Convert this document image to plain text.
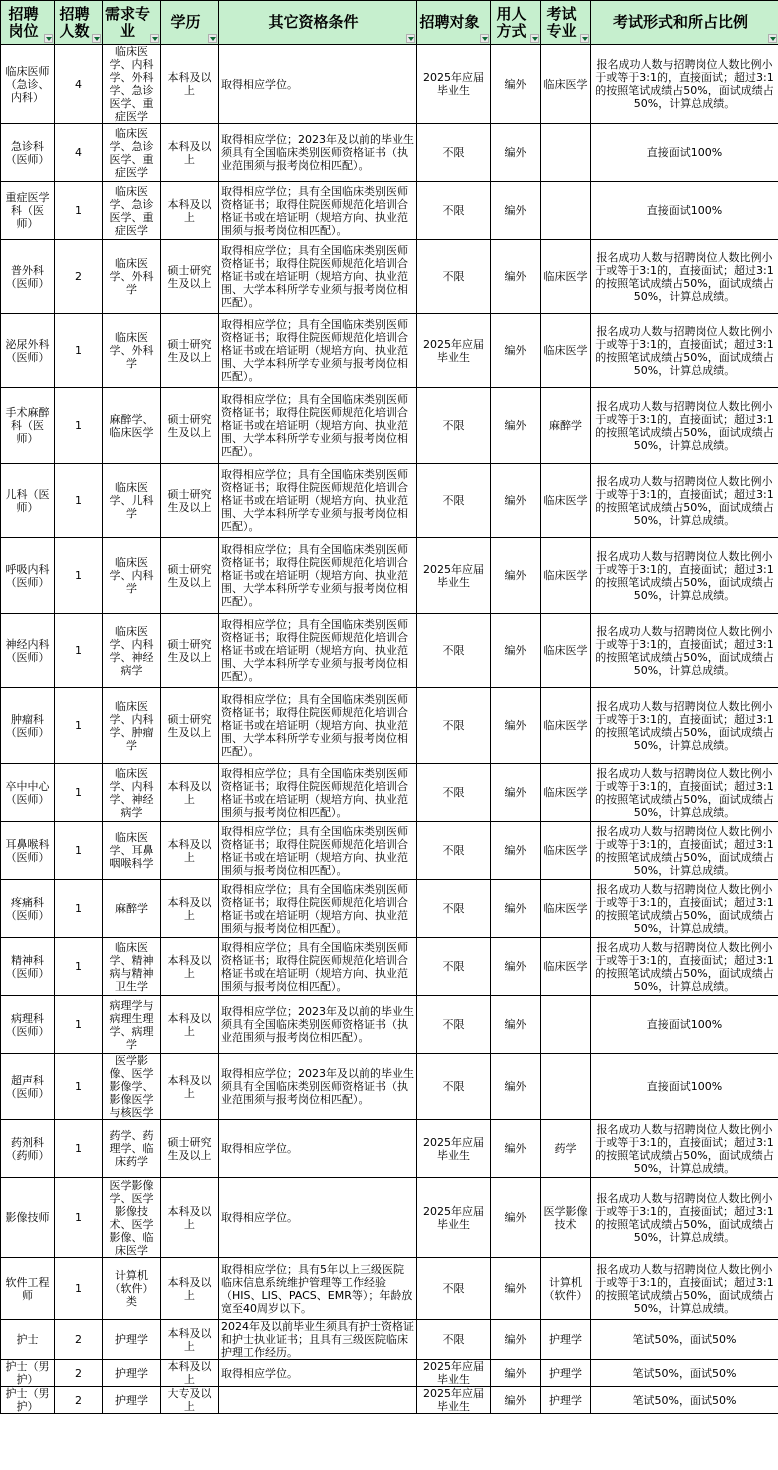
招聘岗位	招聘人数	需求专业	学历	其它资格条件	招聘对象	用人方式	考试专业	考试形式和所占比例

临床医师（急诊、内科）	4	临床医学、内科学、外科学、急诊医学、重症医学	本科及以上	取得相应学位。	2025年应届毕业生	编外	临床医学	报名成功人数与招聘岗位人数比例小于或等于3:1的，直接面试；超过3:1的按照笔试成绩占50%，面试成绩占50%，计算总成绩。
急诊科（医师）	4	临床医学、急诊医学、重症医学	本科及以上	取得相应学位；2023年及以前的毕业生须具有全国临床类别医师资格证书（执业范围须与报考岗位相匹配）。	不限	编外		直接面试100%
重症医学科（医师）	1	临床医学、急诊医学、重症医学	本科及以上	取得相应学位；具有全国临床类别医师资格证书；取得住院医师规范化培训合格证书或在培证明（规培方向、执业范围须与报考岗位相匹配）。	不限	编外		直接面试100%
普外科（医师）	2	临床医学、外科学	硕士研究生及以上	取得相应学位；具有全国临床类别医师资格证书；取得住院医师规范化培训合格证书或在培证明（规培方向、执业范围、大学本科所学专业须与报考岗位相匹配）。	不限	编外	临床医学	报名成功人数与招聘岗位人数比例小于或等于3:1的，直接面试；超过3:1的按照笔试成绩占50%，面试成绩占50%，计算总成绩。
泌尿外科（医师）	1	临床医学、外科学	硕士研究生及以上	取得相应学位；具有全国临床类别医师资格证书；取得住院医师规范化培训合格证书或在培证明（规培方向、执业范围、大学本科所学专业须与报考岗位相匹配）。	2025年应届毕业生	编外	临床医学	报名成功人数与招聘岗位人数比例小于或等于3:1的，直接面试；超过3:1的按照笔试成绩占50%，面试成绩占50%，计算总成绩。
手术麻醉科（医师）	1	麻醉学、临床医学	硕士研究生及以上	取得相应学位；具有全国临床类别医师资格证书；取得住院医师规范化培训合格证书或在培证明（规培方向、执业范围、大学本科所学专业须与报考岗位相匹配）。	不限	编外	麻醉学	报名成功人数与招聘岗位人数比例小于或等于3:1的，直接面试；超过3:1的按照笔试成绩占50%，面试成绩占50%，计算总成绩。
儿科（医师）	1	临床医学、儿科学	硕士研究生及以上	取得相应学位；具有全国临床类别医师资格证书；取得住院医师规范化培训合格证书或在培证明（规培方向、执业范围、大学本科所学专业须与报考岗位相匹配）。	不限	编外	临床医学	报名成功人数与招聘岗位人数比例小于或等于3:1的，直接面试；超过3:1的按照笔试成绩占50%，面试成绩占50%，计算总成绩。
呼吸内科（医师）	1	临床医学、内科学	硕士研究生及以上	取得相应学位；具有全国临床类别医师资格证书；取得住院医师规范化培训合格证书或在培证明（规培方向、执业范围、大学本科所学专业须与报考岗位相匹配）。	2025年应届毕业生	编外	临床医学	报名成功人数与招聘岗位人数比例小于或等于3:1的，直接面试；超过3:1的按照笔试成绩占50%，面试成绩占50%，计算总成绩。
神经内科（医师）	1	临床医学、内科学、神经病学	硕士研究生及以上	取得相应学位；具有全国临床类别医师资格证书；取得住院医师规范化培训合格证书或在培证明（规培方向、执业范围、大学本科所学专业须与报考岗位相匹配）。	不限	编外	临床医学	报名成功人数与招聘岗位人数比例小于或等于3:1的，直接面试；超过3:1的按照笔试成绩占50%，面试成绩占50%，计算总成绩。
肿瘤科（医师）	1	临床医学、内科学、肿瘤学	硕士研究生及以上	取得相应学位；具有全国临床类别医师资格证书；取得住院医师规范化培训合格证书或在培证明（规培方向、执业范围、大学本科所学专业须与报考岗位相匹配）。	不限	编外	临床医学	报名成功人数与招聘岗位人数比例小于或等于3:1的，直接面试；超过3:1的按照笔试成绩占50%，面试成绩占50%，计算总成绩。
卒中中心（医师）	1	临床医学、内科学、神经病学	本科及以上	取得相应学位；具有全国临床类别医师资格证书；取得住院医师规范化培训合格证书或在培证明（规培方向、执业范围须与报考岗位相匹配）。	不限	编外	临床医学	报名成功人数与招聘岗位人数比例小于或等于3:1的，直接面试；超过3:1的按照笔试成绩占50%，面试成绩占50%，计算总成绩。
耳鼻喉科（医师）	1	临床医学、耳鼻咽喉科学	本科及以上	取得相应学位；具有全国临床类别医师资格证书；取得住院医师规范化培训合格证书或在培证明（规培方向、执业范围须与报考岗位相匹配）。	不限	编外	临床医学	报名成功人数与招聘岗位人数比例小于或等于3:1的，直接面试；超过3:1的按照笔试成绩占50%，面试成绩占50%，计算总成绩。
疼痛科（医师）	1	麻醉学	本科及以上	取得相应学位；具有全国临床类别医师资格证书；取得住院医师规范化培训合格证书或在培证明（规培方向、执业范围须与报考岗位相匹配）。	不限	编外	临床医学	报名成功人数与招聘岗位人数比例小于或等于3:1的，直接面试；超过3:1的按照笔试成绩占50%，面试成绩占50%，计算总成绩。
精神科（医师）	1	临床医学、精神病与精神卫生学	本科及以上	取得相应学位；具有全国临床类别医师资格证书；取得住院医师规范化培训合格证书或在培证明（规培方向、执业范围须与报考岗位相匹配）。	不限	编外	临床医学	报名成功人数与招聘岗位人数比例小于或等于3:1的，直接面试；超过3:1的按照笔试成绩占50%，面试成绩占50%，计算总成绩。
病理科（医师）	1	病理学与病理生理学、病理学	本科及以上	取得相应学位；2023年及以前的毕业生须具有全国临床类别医师资格证书（执业范围须与报考岗位相匹配）。	不限	编外		直接面试100%
超声科（医师）	1	医学影像、医学影像学、影像医学与核医学	本科及以上	取得相应学位；2023年及以前的毕业生须具有全国临床类别医师资格证书（执业范围须与报考岗位相匹配）。	不限	编外		直接面试100%
药剂科（药师）	1	药学、药理学、临床药学	硕士研究生及以上	取得相应学位。	2025年应届毕业生	编外	药学	报名成功人数与招聘岗位人数比例小于或等于3:1的，直接面试；超过3:1的按照笔试成绩占50%，面试成绩占50%，计算总成绩。
影像技师	1	医学影像学、医学影像技术、医学影像、临床医学	本科及以上	取得相应学位。	2025年应届毕业生	编外	医学影像技术	报名成功人数与招聘岗位人数比例小于或等于3:1的，直接面试；超过3:1的按照笔试成绩占50%，面试成绩占50%，计算总成绩。
软件工程师	1	计算机（软件）类	本科及以上	取得相应学位；具有5年以上三级医院临床信息系统维护管理等工作经验（HIS、LIS、PACS、EMR等）；年龄放宽至40周岁以下。	不限	编外	计算机（软件）	报名成功人数与招聘岗位人数比例小于或等于3:1的，直接面试；超过3:1的按照笔试成绩占50%，面试成绩占50%，计算总成绩。
护士	2	护理学	本科及以上	2024年及以前毕业生须具有护士资格证和护士执业证书；且具有三级医院临床护理工作经历。	不限	编外	护理学	笔试50%，面试50%
护士（男护）	2	护理学	本科及以上	取得相应学位。	2025年应届毕业生	编外	护理学	笔试50%，面试50%
护士（男护）	2	护理学	大专及以上		2025年应届毕业生	编外	护理学	笔试50%，面试50%
